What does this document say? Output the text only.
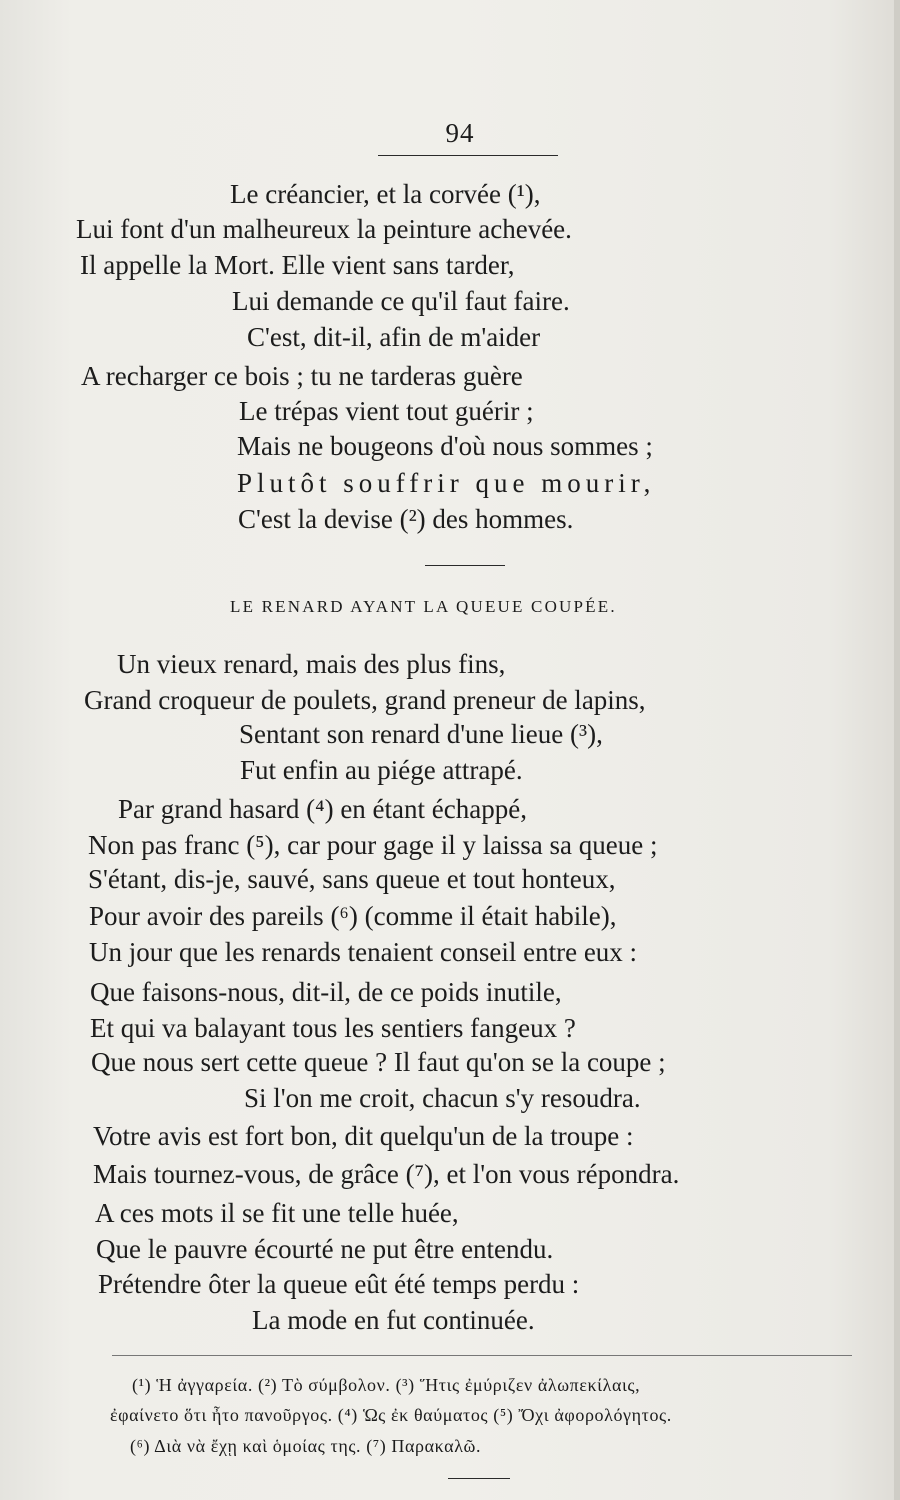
94
Le créancier, et la corvée (¹),
Lui font d'un malheureux la peinture achevée.
Il appelle la Mort. Elle vient sans tarder,
Lui demande ce qu'il faut faire.
C'est, dit-il, afin de m'aider
A recharger ce bois ; tu ne tarderas guère
Le trépas vient tout guérir ;
Mais ne bougeons d'où nous sommes ;
Plutôt souffrir que mourir,
C'est la devise (²) des hommes.
LE RENARD AYANT LA QUEUE COUPÉE.
Un vieux renard, mais des plus fins,
Grand croqueur de poulets, grand preneur de lapins,
Sentant son renard d'une lieue (³),
Fut enfin au piége attrapé.
Par grand hasard (⁴) en étant échappé,
Non pas franc (⁵), car pour gage il y laissa sa queue ;
S'étant, dis-je, sauvé, sans queue et tout honteux,
Pour avoir des pareils (⁶) (comme il était habile),
Un jour que les renards tenaient conseil entre eux :
Que faisons-nous, dit-il, de ce poids inutile,
Et qui va balayant tous les sentiers fangeux ?
Que nous sert cette queue ? Il faut qu'on se la coupe ;
Si l'on me croit, chacun s'y resoudra.
Votre avis est fort bon, dit quelqu'un de la troupe :
Mais tournez-vous, de grâce (⁷), et l'on vous répondra.
A ces mots il se fit une telle huée,
Que le pauvre écourté ne put être entendu.
Prétendre ôter la queue eût été temps perdu :
La mode en fut continuée.
(¹) Ἡ ἀγγαρεία. (²) Τὸ σύμβολον. (³) Ἥτις ἐμύριζεν ἀλωπεκίλαις,
ἐφαίνετο ὅτι ἦτο πανοῦργος. (⁴) Ὡς ἐκ θαύματος (⁵) Ὄχι ἀφορολόγητος.
(⁶) Διὰ νὰ ἔχῃ καὶ ὁμοίας της. (⁷) Παρακαλῶ.
